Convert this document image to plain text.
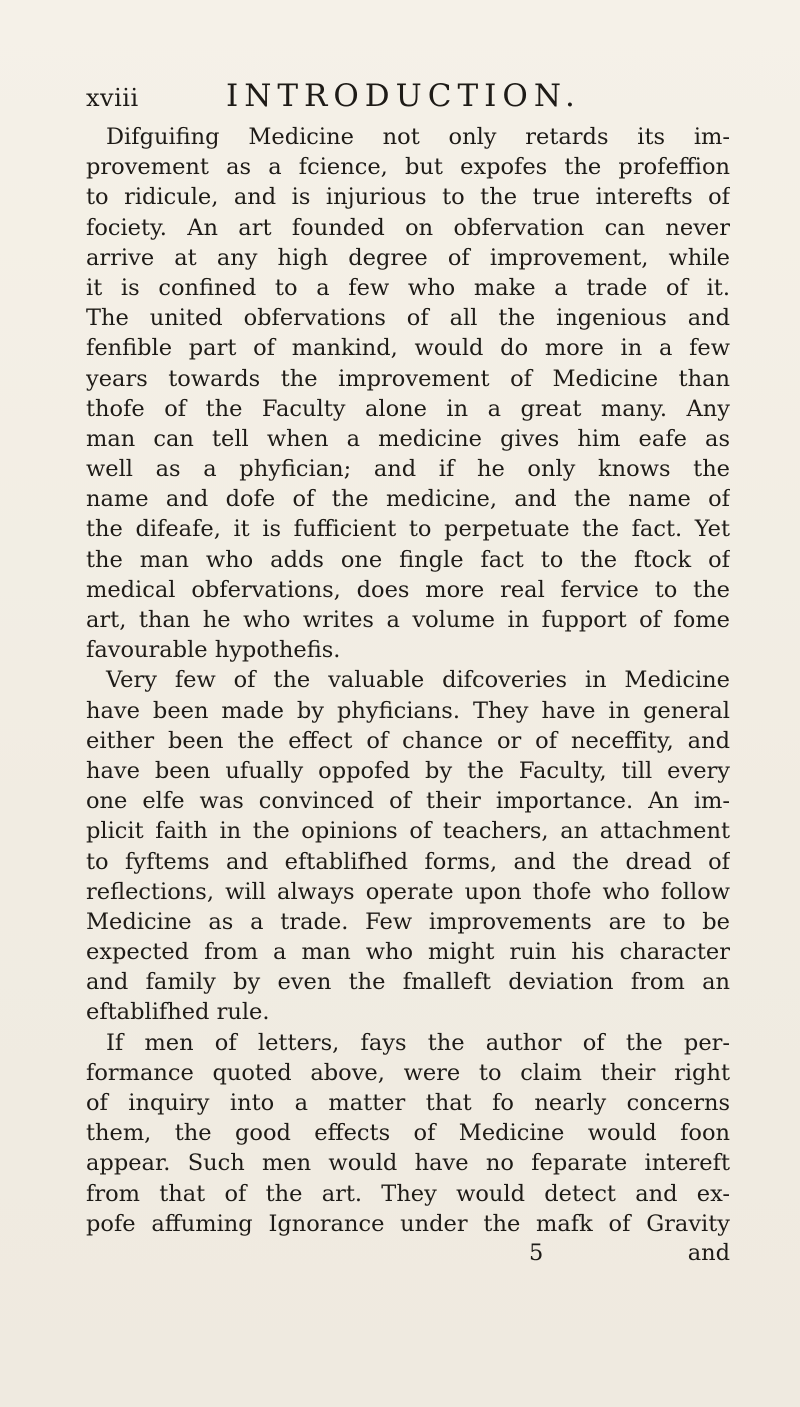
xviii	INTRODUCTION.
Difguifing Medicine not only retards its im-
provement as a fcience, but expofes the profeffion
to ridicule, and is injurious to the true interefts of
fociety. An art founded on obfervation can never
arrive at any high degree of improvement, while
it is confined to a few who make a trade of it.
The united obfervations of all the ingenious and
fenfible part of mankind, would do more in a few
years towards the improvement of Medicine than
thofe of the Faculty alone in a great many. Any
man can tell when a medicine gives him eafe as
well as a phyfician; and if he only knows the
name and dofe of the medicine, and the name of
the difeafe, it is fufficient to perpetuate the fact. Yet
the man who adds one fingle fact to the ftock of
medical obfervations, does more real fervice to the
art, than he who writes a volume in fupport of fome
favourable hypothefis.
Very few of the valuable difcoveries in Medicine
have been made by phyficians. They have in general
either been the effect of chance or of neceffity, and
have been ufually oppofed by the Faculty, till every
one elfe was convinced of their importance. An im-
plicit faith in the opinions of teachers, an attachment
to fyftems and eftablifhed forms, and the dread of
reflections, will always operate upon thofe who follow
Medicine as a trade. Few improvements are to be
expected from a man who might ruin his character
and family by even the fmalleft deviation from an
eftablifhed rule.
If men of letters, fays the author of the per-
formance quoted above, were to claim their right
of inquiry into a matter that fo nearly concerns
them, the good effects of Medicine would foon
appear. Such men would have no feparate intereft
from that of the art. They would detect and ex-
pofe affuming Ignorance under the mafk of Gravity
5	and
